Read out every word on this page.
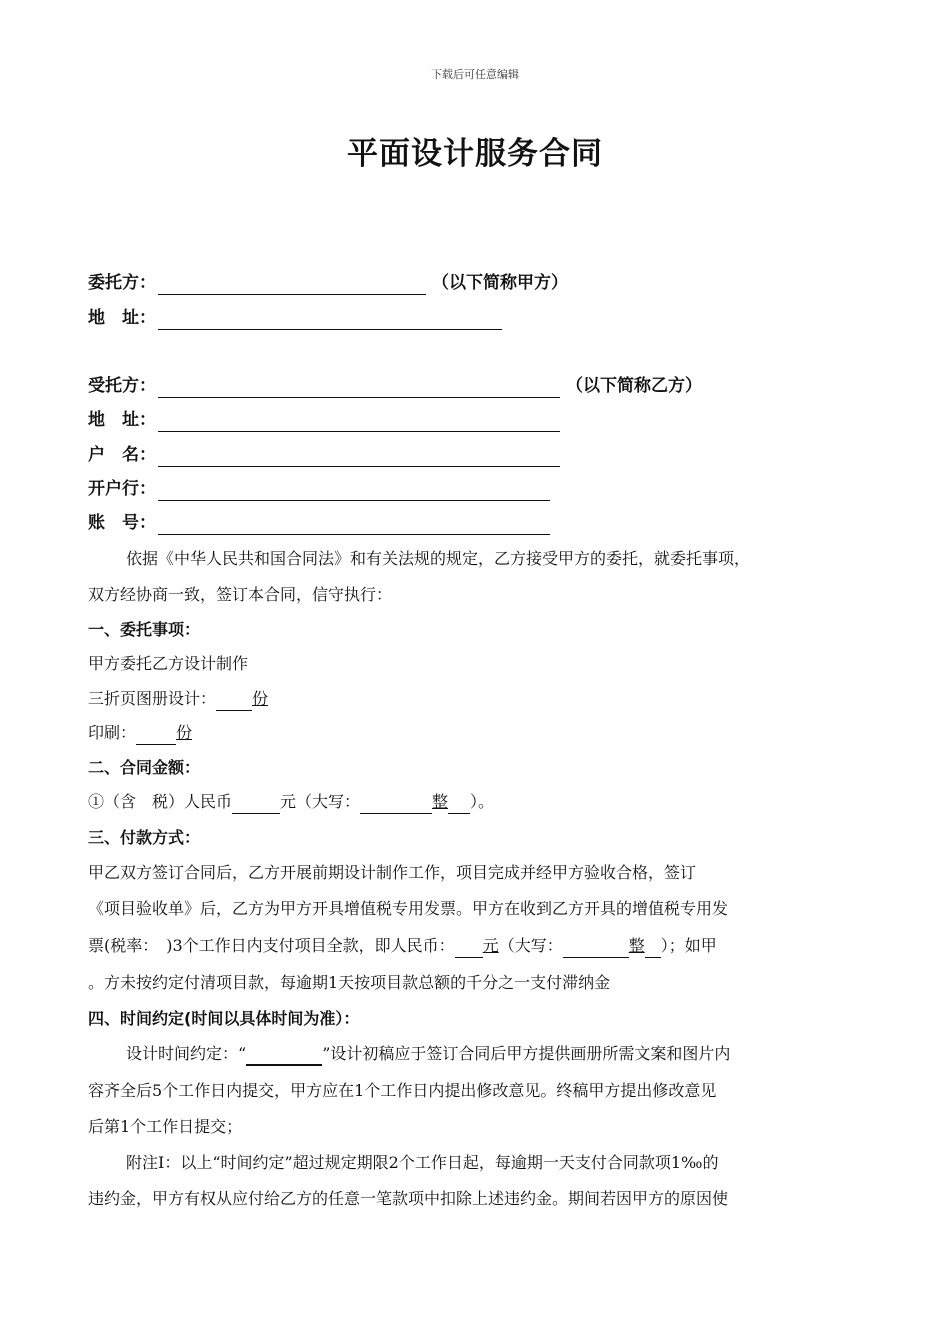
下载后可任意编辑
平面设计服务合同
委托方：	（以下简称甲方）
地　址：
受托方：	（以下简称乙方）
地　址：
户　名：
开户行：
账　号：
依据《中华人民共和国合同法》和有关法规的规定，乙方接受甲方的委托，就委托事项，
双方经协商一致，签订本合同，信守执行：
一、委托事项：
甲方委托乙方设计制作
三折页图册设计： 份
印刷：	份
二、合同金额：
①（含　税）人民币	元（大写：	整 ）。
三、付款方式：
甲乙双方签订合同后，乙方开展前期设计制作工作，项目完成并经甲方验收合格，签订
《项目验收单》后，乙方为甲方开具增值税专用发票。甲方在收到乙方开具的增值税专用发
票(税率：　)3个工作日内支付项目全款，即人民币： 元（大写：	整 ）；如甲
。方未按约定付清项目款，每逾期1天按项目款总额的千分之一支付滞纳金
四、时间约定(时间以具体时间为准）：
设计时间约定：“	”设计初稿应于签订合同后甲方提供画册所需文案和图片内
容齐全后5个工作日内提交，甲方应在1个工作日内提出修改意见。终稿甲方提出修改意见
后第1个工作日提交；
附注Ⅰ：以上“时间约定”超过规定期限2个工作日起，每逾期一天支付合同款项1‰的
违约金，甲方有权从应付给乙方的任意一笔款项中扣除上述违约金。期间若因甲方的原因使
